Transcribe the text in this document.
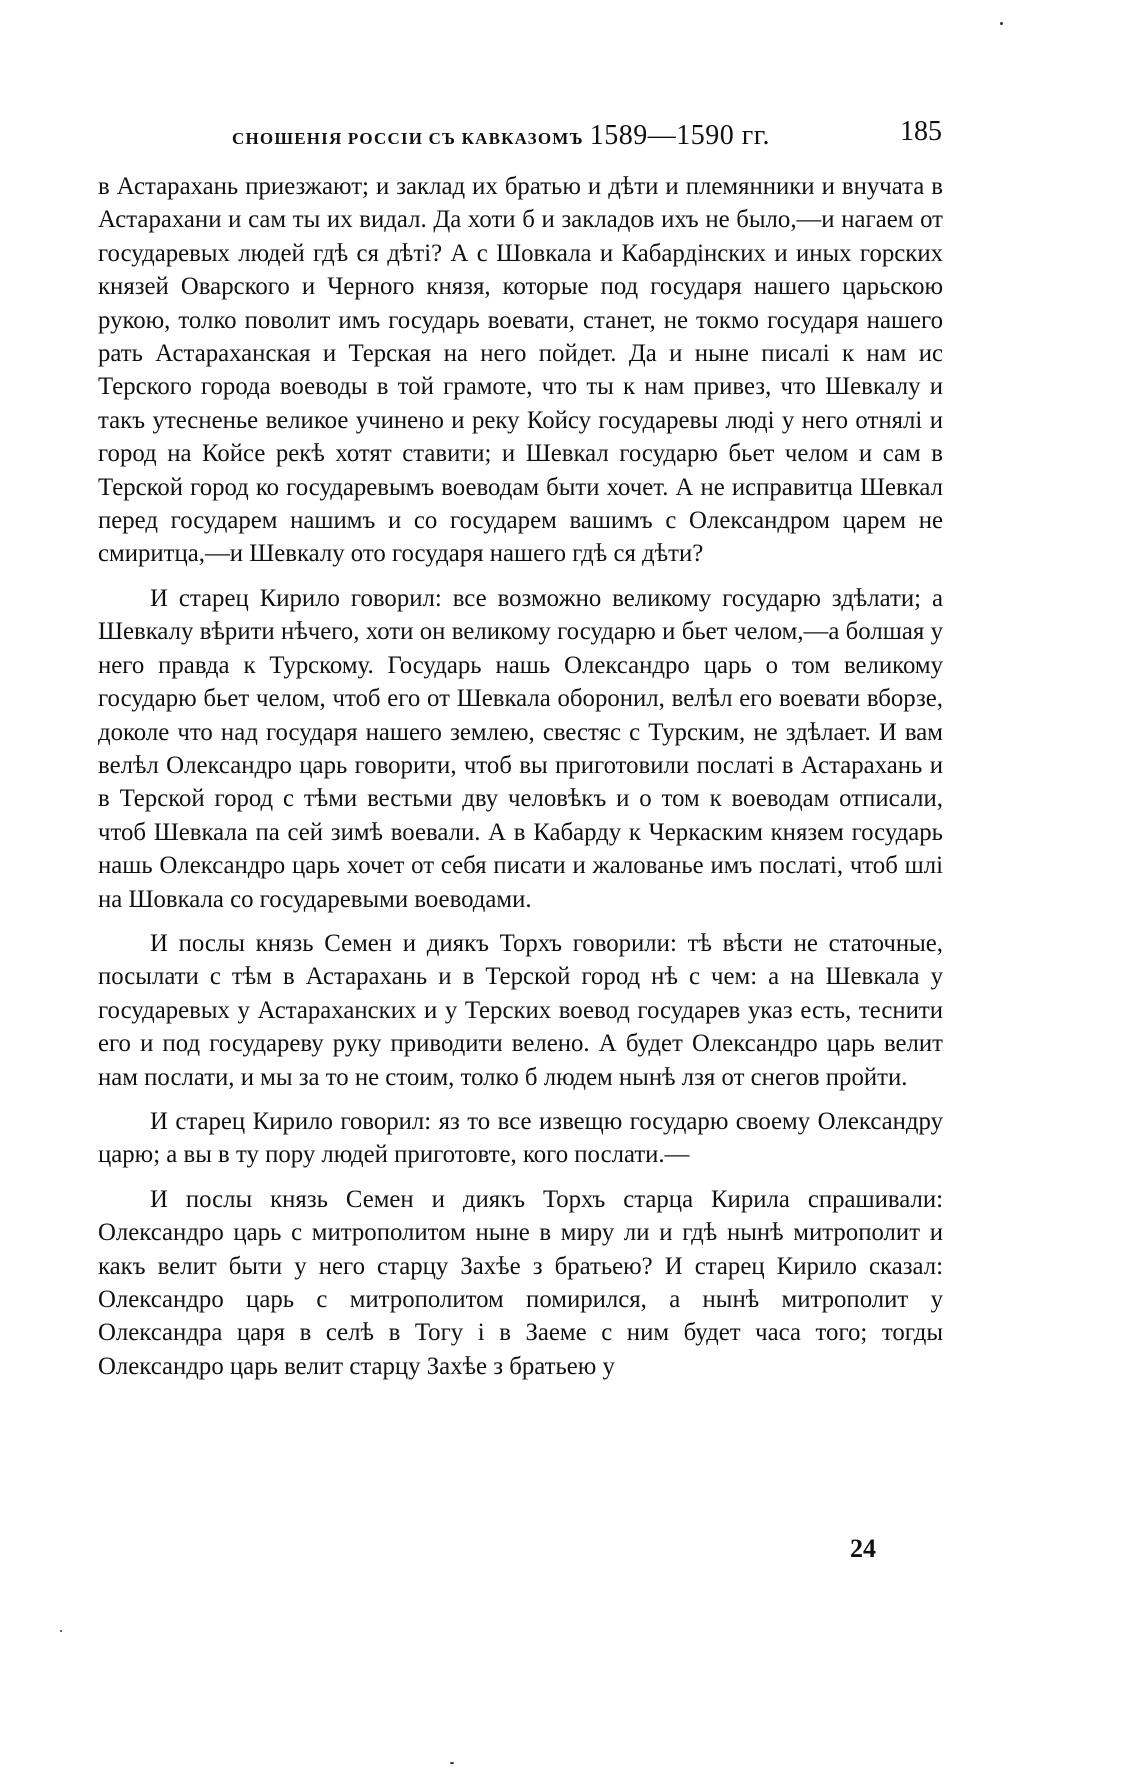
СНОШЕНІЯ РОССІИ СЪ КАВКАЗОМЪ 1589—1590 гг.	185

в Астарахань приезжают; и заклад их братью и дѣти и племянники и внучата в Астарахани и сам ты их видал. Да хоти б и закладов ихъ не было,—и нагаем от государевых людей гдѣ ся дѣті? А с Шовкала и Кабардінских и иных горских князей Оварского и Черного князя, которые под государя нашего царьскою рукою, толко поволит имъ государь воевати, станет, не токмо государя нашего рать Астараханская и Терская на него пойдет. Да и ныне писалі к нам ис Терского города воеводы в той грамоте, что ты к нам привез, что Шевкалу и такъ утесненье великое учинено и реку Койсу государевы людi у него отнялi и город на Койсе рекѣ хотят ставити; и Шевкал государю бьет челом и сам в Терской город ко государевымъ воеводам быти хочет. А не исправитца Шевкал перед государем нашимъ и со государем вашимъ с Олександром царем не смиритца,—и Шевкалу ото государя нашего гдѣ ся дѣти?

И старец Кирило говорил: все возможно великому государю здѣлати; а Шевкалу вѣрити нѣчего, хоти он великому государю и бьет челом,—а болшая у него правда к Турскому. Государь нашь Олександро царь о том великому государю бьет челом, чтоб его от Шевкала оборонил, велѣл его воевати вборзе, доколе что над государя нашего землею, свестяс с Турским, не здѣлает. И вам велѣл Олександро царь говорити, чтоб вы приготовили послатi в Астарахань и в Терской город с тѣми вестьми дву человѣкъ и о том к воеводам отписали, чтоб Шевкала па сей зимѣ воевали. А в Кабарду к Черкаским князем государь нашь Олександро царь хочет от себя писати и жалованье имъ послатi, чтоб шлi на Шовкала со государевыми воеводами.

И послы князь Семен и диякъ Торхъ говорили: тѣ вѣсти не статочные, посылати с тѣм в Астарахань и в Терской город нѣ с чем: а на Шевкала у государевых у Астараханских и у Терских воевод государев указ есть, теснити его и под государеву руку приводити велено. А будет Олександро царь велит нам послати, и мы за то не стоим, толко б людем нынѣ лзя от снегов пройти.

И старец Кирило говорил: яз то все извещю государю своему Олександру царю; а вы в ту пору людей приготовте, кого послати.—

И послы князь Семен и диякъ Торхъ старца Кирила спрашивали: Олександро царь с митрополитом ныне в миру ли и гдѣ нынѣ митрополит и какъ велит быти у него старцу Захѣе з братьею? И старец Кирило сказал: Олександро царь с митрополитом помирился, а нынѣ митрополит у Олександра царя в селѣ в Тогу і в Заеме с ним будет часа того; тогды Олександро царь велит старцу Захѣе з братьею у

24
